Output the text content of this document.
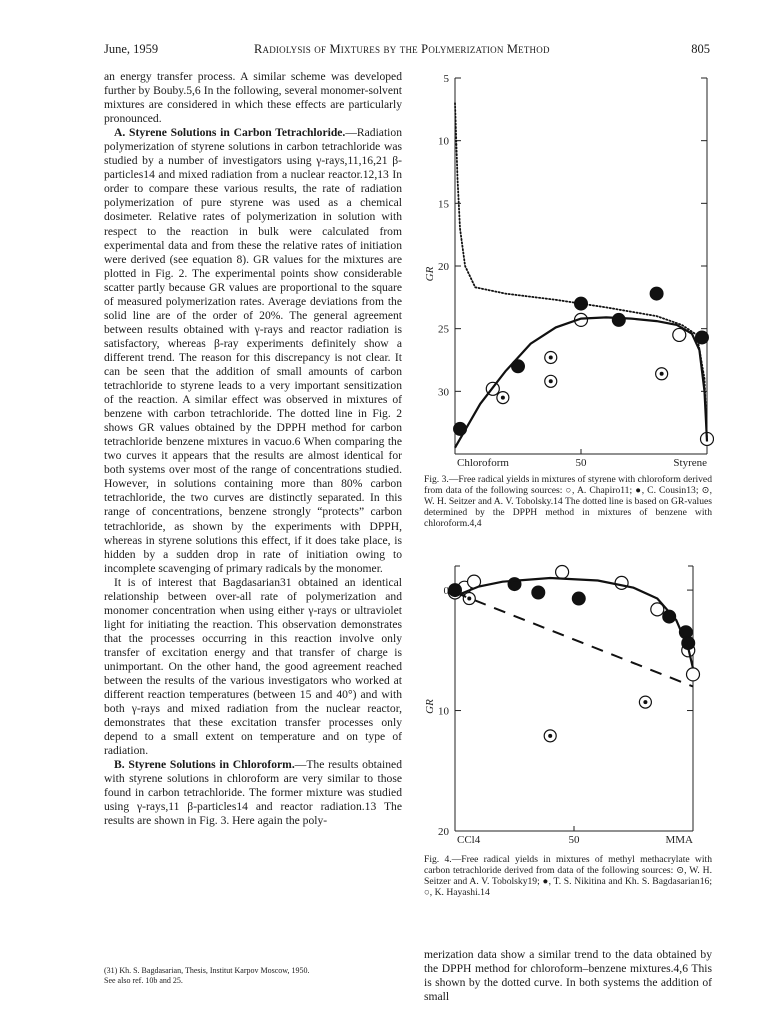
June, 1959	Radiolysis of Mixtures by the Polymerization Method	805

an energy transfer process. A similar scheme was developed further by Bouby.5,6 In the following, several monomer-solvent mixtures are considered in which these effects are particularly pronounced.

A. Styrene Solutions in Carbon Tetrachloride.—Radiation polymerization of styrene solutions in carbon tetrachloride was studied by a number of investigators using γ-rays,11,16,21 β-particles14 and mixed radiation from a nuclear reactor.12,13 In order to compare these various results, the rate of radiation polymerization of pure styrene was used as a chemical dosimeter. Relative rates of polymerization in solution with respect to the reaction in bulk were calculated from experimental data and from these the relative rates of initiation were derived (see equation 8). GR values for the mixtures are plotted in Fig. 2. The experimental points show considerable scatter partly because GR values are proportional to the square of measured polymerization rates. Average deviations from the solid line are of the order of 20%. The general agreement between results obtained with γ-rays and reactor radiation is satisfactory, whereas β-ray experiments definitely show a different trend. The reason for this discrepancy is not clear. It can be seen that the addition of small amounts of carbon tetrachloride to styrene leads to a very important sensitization of the reaction. A similar effect was observed in mixtures of benzene with carbon tetrachloride. The dotted line in Fig. 2 shows GR values obtained by the DPPH method for carbon tetrachloride benzene mixtures in vacuo.6 When comparing the two curves it appears that the results are almost identical for both systems over most of the range of concentrations studied. However, in solutions containing more than 80% carbon tetrachloride, the two curves are distinctly separated. In this range of concentrations, benzene strongly “protects” carbon tetrachloride, as shown by the experiments with DPPH, whereas in styrene solutions this effect, if it does take place, is hidden by a sudden drop in rate of initiation owing to incomplete scavenging of primary radicals by the monomer.

It is of interest that Bagdasarian31 obtained an identical relationship between over-all rate of polymerization and monomer concentration when using either γ-rays or ultraviolet light for initiating the reaction. This observation demonstrates that the processes occurring in this reaction involve only transfer of excitation energy and that transfer of charge is unimportant. On the other hand, the good agreement reached between the results of the various investigators who worked at different reaction temperatures (between 15 and 40°) and with both γ-rays and mixed radiation from the nuclear reactor, demonstrates that these excitation transfer processes only depend to a small extent on temperature and on type of radiation.

B. Styrene Solutions in Chloroform.—The results obtained with styrene solutions in chloroform are very similar to those found in carbon tetrachloride. The former mixture was studied using γ-rays,11 β-particles14 and reactor radiation.13 The results are shown in Fig. 3. Here again the poly-

(31) Kh. S. Bagdasarian, Thesis, Institut Karpov Moscow, 1950.
See also ref. 10b and 25.
30
25
20
15
10
5
Chloroform	50	Styrene
GR
Fig. 3.—Free radical yields in mixtures of styrene with chloroform derived from data of the following sources: ○, A. Chapiro11; ●, C. Cousin13; ⊙, W. H. Seitzer and A. V. Tobolsky.14 The dotted line is based on GR-values determined by the DPPH method in mixtures of benzene with chloroform.4,4
20
10
0
CCl4	50	MMA
GR
Fig. 4.—Free radical yields in mixtures of methyl methacrylate with carbon tetrachloride derived from data of the following sources: ⊙, W. H. Seitzer and A. V. Tobolsky19; ●, T. S. Nikitina and Kh. S. Bagdasarian16; ○, K. Hayashi.14
merization data show a similar trend to the data obtained by the DPPH method for chloroform–benzene mixtures.4,6 This is shown by the dotted curve. In both systems the addition of small
